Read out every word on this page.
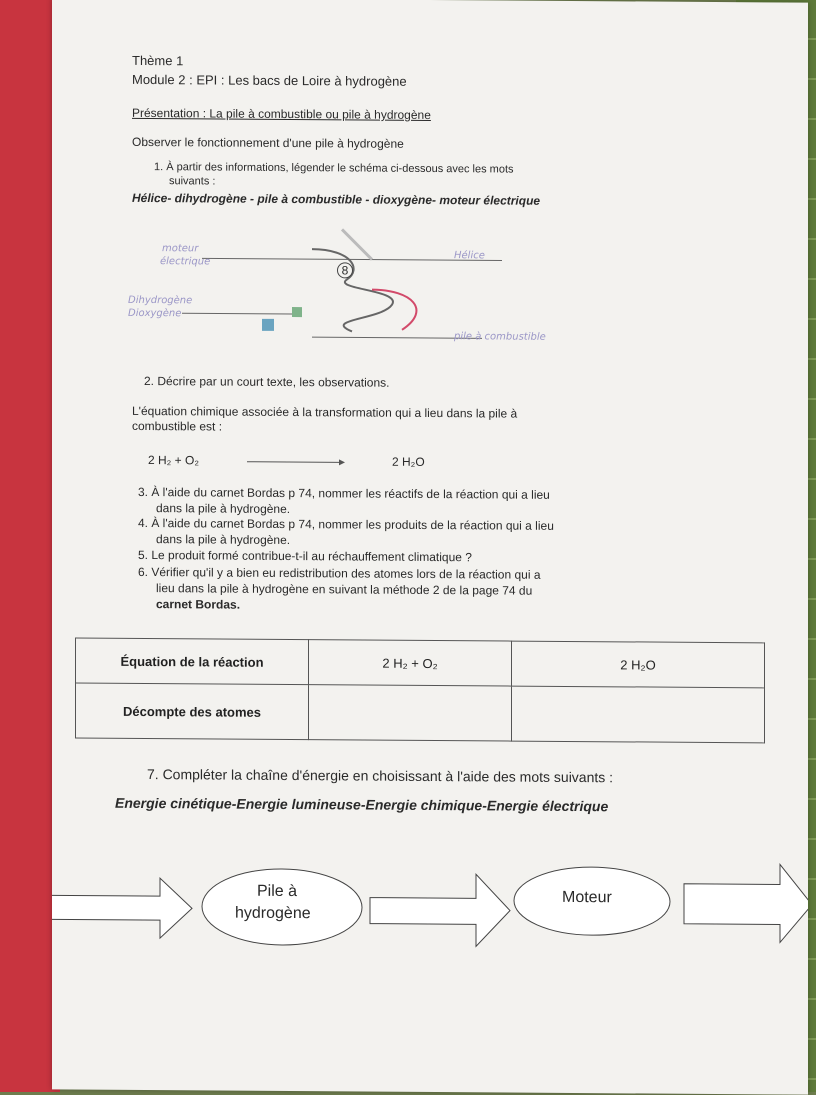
Thème 1
Module 2 : EPI : Les bacs de Loire à hydrogène
Présentation : La pile à combustible ou pile à hydrogène
Observer le fonctionnement d'une pile à hydrogène
1. À partir des informations, légender le schéma ci-dessous avec les mots
suivants :
Hélice- dihydrogène - pile à combustible - dioxygène- moteur électrique
moteur
électrique
Hélice
8
Dihydrogène
Dioxygène
pile à combustible
2. Décrire par un court texte, les observations.
L'équation chimique associée à la transformation qui a lieu dans la pile à
combustible est :
2 H₂ + O₂	2 H₂O
3. À l'aide du carnet Bordas p 74, nommer les réactifs de la réaction qui a lieu
dans la pile à hydrogène.
4. À l'aide du carnet Bordas p 74, nommer les produits de la réaction qui a lieu
dans la pile à hydrogène.
5. Le produit formé contribue-t-il au réchauffement climatique ?
6. Vérifier qu'il y a bien eu redistribution des atomes lors de la réaction qui a
lieu dans la pile à hydrogène en suivant la méthode 2 de la page 74 du
carnet Bordas.
Équation de la réaction	2 H₂ + O₂	2 H₂O
Décompte des atomes		
7. Compléter la chaîne d'énergie en choisissant à l'aide des mots suivants :
Energie cinétique-Energie lumineuse-Energie chimique-Energie électrique
Pile à
hydrogène
Moteur
